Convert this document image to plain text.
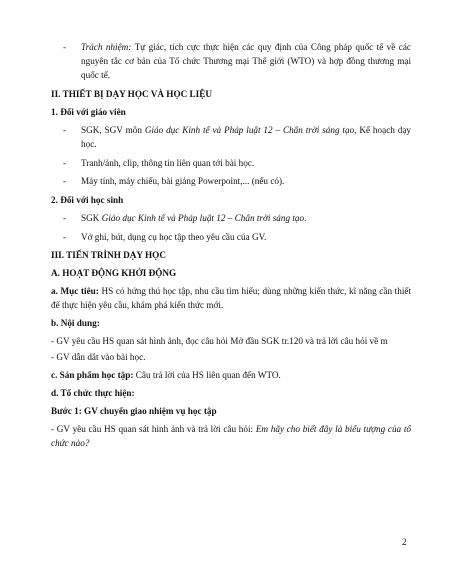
- Trách nhiệm: Tự giác, tích cực thực hiện các quy định của Công pháp quốc tế về các nguyên tắc cơ bản của Tổ chức Thương mại Thế giới (WTO) và hợp đồng thương mại quốc tế.

II. THIẾT BỊ DẠY HỌC VÀ HỌC LIỆU

1. Đối với giáo viên

- SGK, SGV môn Giáo dục Kinh tế và Pháp luật 12 – Chân trời sáng tạo, Kế hoạch dạy học.

- Tranh/ảnh, clip, thông tin liên quan tới bài học.

- Máy tính, máy chiếu, bài giảng Powerpoint,... (nếu có).

2. Đối với học sinh

- SGK Giáo dục Kinh tế và Pháp luật 12 – Chân trời sáng tạo.

- Vở ghi, bút, dụng cụ học tập theo yêu cầu của GV.

III. TIẾN TRÌNH DẠY HỌC

A. HOẠT ĐỘNG KHỞI ĐỘNG

a. Mục tiêu: HS có hứng thú học tập, nhu cầu tìm hiểu; dùng những kiến thức, kĩ năng cần thiết để thực hiện yêu cầu, khám phá kiến thức mới.

b. Nội dung:

- GV yêu cầu HS quan sát hình ảnh, đọc câu hỏi Mở đầu SGK tr.120 và trả lời câu hỏi về m

- GV dẫn dắt vào bài học.

c. Sản phẩm học tập: Câu trả lời của HS liên quan đến WTO.

d. Tổ chức thực hiện:

Bước 1: GV chuyển giao nhiệm vụ học tập

- GV yêu cầu HS quan sát hình ảnh và trả lời câu hỏi: Em hãy cho biết đây là biểu tượng của tổ chức nào?

2
